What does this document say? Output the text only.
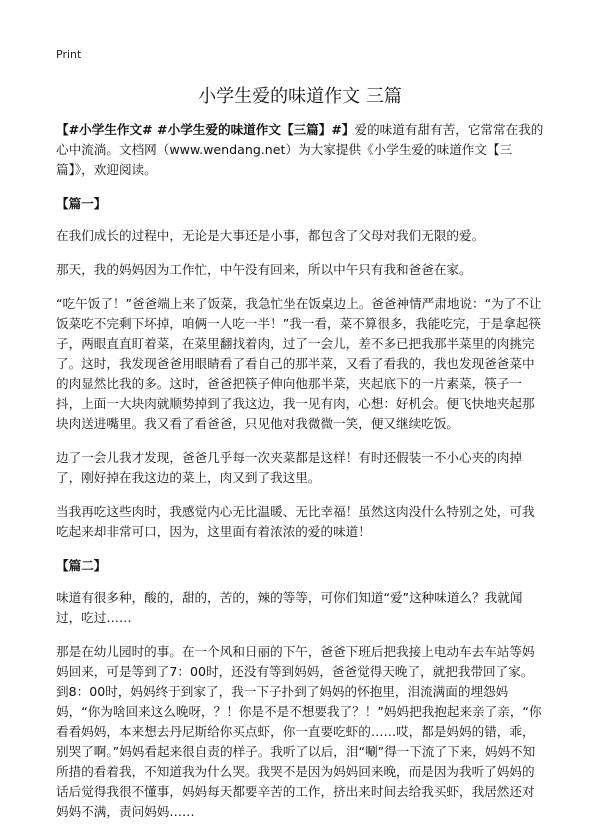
Print
小学生爱的味道作文 三篇

【#小学生作文# #小学生爱的味道作文【三篇】#】爱的味道有甜有苦，它常常在我的心中流淌。文档网（www.wendang.net）为大家提供《小学生爱的味道作文【三篇】》，欢迎阅读。

【篇一】

在我们成长的过程中，无论是大事还是小事，都包含了父母对我们无限的爱。

那天，我的妈妈因为工作忙，中午没有回来，所以中午只有我和爸爸在家。

“吃午饭了！”爸爸端上来了饭菜，我急忙坐在饭桌边上。爸爸神情严肃地说：“为了不让饭菜吃不完剩下坏掉，咱俩一人吃一半！”我一看，菜不算很多，我能吃完，于是拿起筷子，两眼直直盯着菜，在菜里翻找着肉，过了一会儿，差不多已把我那半菜里的肉挑完了。这时，我发现爸爸用眼睛看了看自己的那半菜，又看了看我的，我也发现爸爸菜中的肉显然比我的多。这时，爸爸把筷子伸向他那半菜，夹起底下的一片素菜，筷子一抖，上面一大块肉就顺势掉到了我这边，我一见有肉，心想：好机会。便飞快地夹起那块肉送进嘴里。我又看了看爸爸，只见他对我微微一笑，便又继续吃饭。

边了一会儿我才发现，爸爸几乎每一次夹菜都是这样！有时还假装一不小心夹的肉掉了，刚好掉在我这边的菜上，肉又到了我这里。

当我再吃这些肉时，我感觉内心无比温暖、无比幸福！虽然这肉没什么特别之处，可我吃起来却非常可口，因为，这里面有着浓浓的爱的味道！

【篇二】

味道有很多种，酸的，甜的，苦的，辣的等等，可你们知道“爱”这种味道么？我就闻过，吃过……

那是在幼儿园时的事。在一个风和日丽的下午，爸爸下班后把我接上电动车去车站等妈妈回来，可是等到了7：00时，还没有等到妈妈，爸爸觉得天晚了，就把我带回了家。到8：00时，妈妈终于到家了，我一下子扑到了妈妈的怀抱里，泪流满面的埋怨妈妈，“你为啥回来这么晚呀，？！你是不是不想要我了？！”妈妈把我抱起来亲了亲，“你看看妈妈，本来想去丹尼斯给你买点虾，你一直要吃虾的……哎，都是妈妈的错，乖，别哭了啊。”妈妈看起来很自责的样子。我听了以后，泪“唰”得一下流了下来，妈妈不知所措的看着我，不知道我为什么哭。我哭不是因为妈妈回来晚，而是因为我听了妈妈的话后觉得我很不懂事，妈妈每天都要辛苦的工作，挤出来时间去给我买虾，我居然还对妈妈不满，责问妈妈……
